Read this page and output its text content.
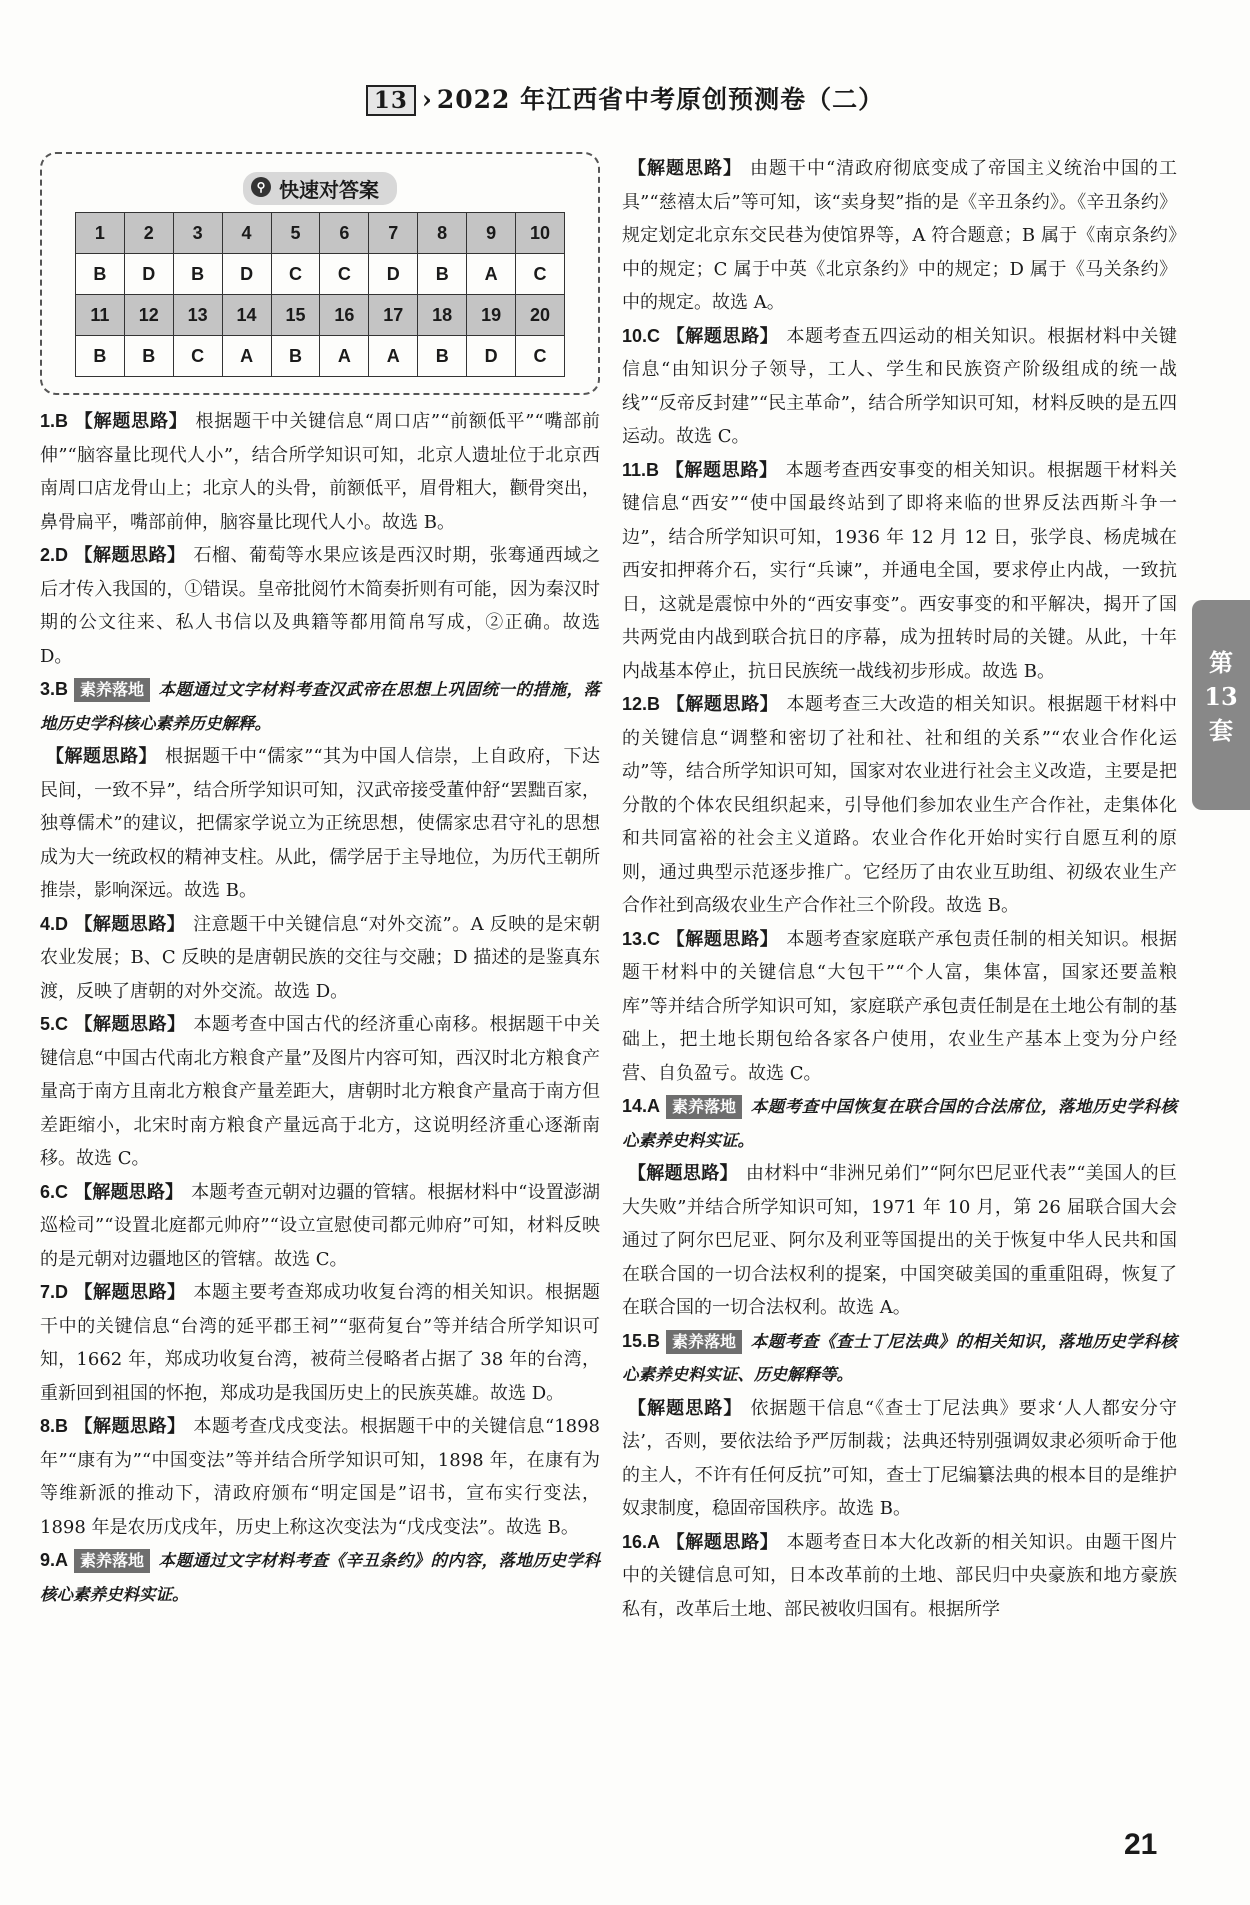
13 › 2022 年江西省中考原创预测卷（二）
⚲ 快速对答案
1	2	3	4	5	6	7	8	9	10
B	D	B	D	C	C	D	B	A	C
11	12	13	14	15	16	17	18	19	20
B	B	C	A	B	A	A	B	D	C

1.B 【解题思路】 根据题干中关键信息“周口店”“前额低平”“嘴部前伸”“脑容量比现代人小”，结合所学知识可知，北京人遗址位于北京西南周口店龙骨山上；北京人的头骨，前额低平，眉骨粗大，颧骨突出，鼻骨扁平，嘴部前伸，脑容量比现代人小。故选 B。

2.D 【解题思路】 石榴、葡萄等水果应该是西汉时期，张骞通西域之后才传入我国的，①错误。皇帝批阅竹木简奏折则有可能，因为秦汉时期的公文往来、私人书信以及典籍等都用简帛写成，②正确。故选 D。

3.B 素养落地 本题通过文字材料考查汉武帝在思想上巩固统一的措施，落地历史学科核心素养历史解释。

【解题思路】 根据题干中“儒家”“其为中国人信崇，上自政府，下达民间，一致不异”，结合所学知识可知，汉武帝接受董仲舒“罢黜百家，独尊儒术”的建议，把儒家学说立为正统思想，使儒家忠君守礼的思想成为大一统政权的精神支柱。从此，儒学居于主导地位，为历代王朝所推崇，影响深远。故选 B。

4.D 【解题思路】 注意题干中关键信息“对外交流”。A 反映的是宋朝农业发展；B、C 反映的是唐朝民族的交往与交融；D 描述的是鉴真东渡，反映了唐朝的对外交流。故选 D。

5.C 【解题思路】 本题考查中国古代的经济重心南移。根据题干中关键信息“中国古代南北方粮食产量”及图片内容可知，西汉时北方粮食产量高于南方且南北方粮食产量差距大，唐朝时北方粮食产量高于南方但差距缩小，北宋时南方粮食产量远高于北方，这说明经济重心逐渐南移。故选 C。

6.C 【解题思路】 本题考查元朝对边疆的管辖。根据材料中“设置澎湖巡检司”“设置北庭都元帅府”“设立宣慰使司都元帅府”可知，材料反映的是元朝对边疆地区的管辖。故选 C。

7.D 【解题思路】 本题主要考查郑成功收复台湾的相关知识。根据题干中的关键信息“台湾的延平郡王祠”“驱荷复台”等并结合所学知识可知，1662 年，郑成功收复台湾，被荷兰侵略者占据了 38 年的台湾，重新回到祖国的怀抱，郑成功是我国历史上的民族英雄。故选 D。

8.B 【解题思路】 本题考查戊戌变法。根据题干中的关键信息“1898 年”“康有为”“中国变法”等并结合所学知识可知，1898 年，在康有为等维新派的推动下，清政府颁布“明定国是”诏书，宣布实行变法，1898 年是农历戊戌年，历史上称这次变法为“戊戌变法”。故选 B。

9.A 素养落地 本题通过文字材料考查《辛丑条约》的内容，落地历史学科核心素养史料实证。

【解题思路】 由题干中“清政府彻底变成了帝国主义统治中国的工具”“慈禧太后”等可知，该“卖身契”指的是《辛丑条约》。《辛丑条约》规定划定北京东交民巷为使馆界等，A 符合题意；B 属于《南京条约》中的规定；C 属于中英《北京条约》中的规定；D 属于《马关条约》中的规定。故选 A。

10.C 【解题思路】 本题考查五四运动的相关知识。根据材料中关键信息“由知识分子领导，工人、学生和民族资产阶级组成的统一战线”“反帝反封建”“民主革命”，结合所学知识可知，材料反映的是五四运动。故选 C。

11.B 【解题思路】 本题考查西安事变的相关知识。根据题干材料关键信息“西安”“使中国最终站到了即将来临的世界反法西斯斗争一边”，结合所学知识可知，1936 年 12 月 12 日，张学良、杨虎城在西安扣押蒋介石，实行“兵谏”，并通电全国，要求停止内战，一致抗日，这就是震惊中外的“西安事变”。西安事变的和平解决，揭开了国共两党由内战到联合抗日的序幕，成为扭转时局的关键。从此，十年内战基本停止，抗日民族统一战线初步形成。故选 B。

12.B 【解题思路】 本题考查三大改造的相关知识。根据题干材料中的关键信息“调整和密切了社和社、社和组的关系”“农业合作化运动”等，结合所学知识可知，国家对农业进行社会主义改造，主要是把分散的个体农民组织起来，引导他们参加农业生产合作社，走集体化和共同富裕的社会主义道路。农业合作化开始时实行自愿互利的原则，通过典型示范逐步推广。它经历了由农业互助组、初级农业生产合作社到高级农业生产合作社三个阶段。故选 B。

13.C 【解题思路】 本题考查家庭联产承包责任制的相关知识。根据题干材料中的关键信息“大包干”“个人富，集体富，国家还要盖粮库”等并结合所学知识可知，家庭联产承包责任制是在土地公有制的基础上，把土地长期包给各家各户使用，农业生产基本上变为分户经营、自负盈亏。故选 C。

14.A 素养落地 本题考查中国恢复在联合国的合法席位，落地历史学科核心素养史料实证。

【解题思路】 由材料中“非洲兄弟们”“阿尔巴尼亚代表”“美国人的巨大失败”并结合所学知识可知，1971 年 10 月，第 26 届联合国大会通过了阿尔巴尼亚、阿尔及利亚等国提出的关于恢复中华人民共和国在联合国的一切合法权利的提案，中国突破美国的重重阻碍，恢复了在联合国的一切合法权利。故选 A。

15.B 素养落地 本题考查《查士丁尼法典》的相关知识，落地历史学科核心素养史料实证、历史解释等。

【解题思路】 依据题干信息“《查士丁尼法典》要求‘人人都安分守法’，否则，要依法给予严厉制裁；法典还特别强调奴隶必须听命于他的主人，不许有任何反抗”可知，查士丁尼编纂法典的根本目的是维护奴隶制度，稳固帝国秩序。故选 B。

16.A 【解题思路】 本题考查日本大化改新的相关知识。由题干图片中的关键信息可知，日本改革前的土地、部民归中央豪族和地方豪族私有，改革后土地、部民被收归国有。根据所学

第
13
套
21
